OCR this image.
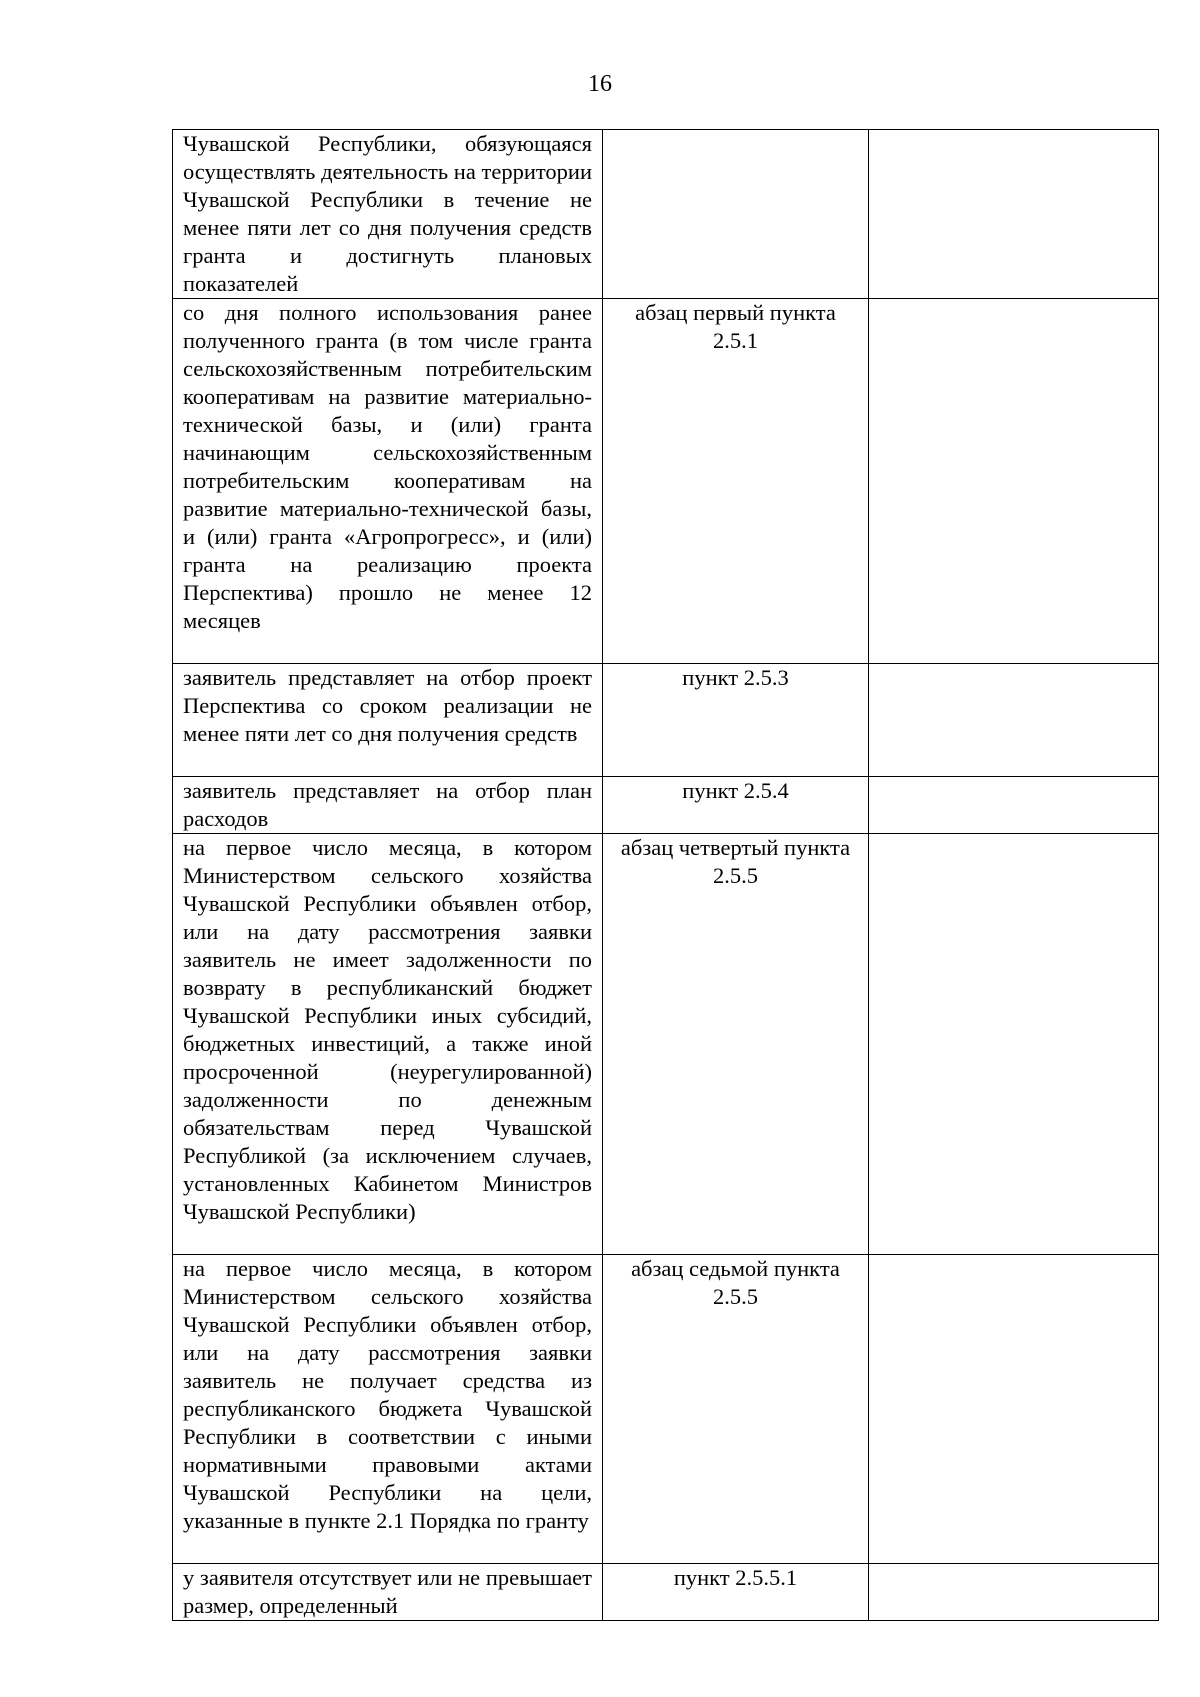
16
Чувашской Республики, обязующаяся осуществлять деятельность на территории Чувашской Республики в течение не менее пяти лет со дня получения средств гранта и достигнуть плановых показателей		
со дня полного использования ранее полученного гранта (в том числе гранта сельскохозяйственным потребительским кооперативам на развитие материально-технической базы, и (или) гранта начинающим сельскохозяйственным потребительским кооперативам на развитие материально-технической базы, и (или) гранта «Агропрогресс», и (или) гранта на реализацию проекта Перспектива) прошло не менее 12 месяцев	абзац первый пункта 2.5.1	
заявитель представляет на отбор проект Перспектива со сроком реализации не менее пяти лет со дня получения средств	пункт 2.5.3	
заявитель представляет на отбор план расходов	пункт 2.5.4	
на первое число месяца, в котором Министерством сельского хозяйства Чувашской Республики объявлен отбор, или на дату рассмотрения заявки заявитель не имеет задолженности по возврату в республиканский бюджет Чувашской Республики иных субсидий, бюджетных инвестиций, а также иной просроченной (неурегулированной) задолженности по денежным обязательствам перед Чувашской Республикой (за исключением случаев, установленных Кабинетом Министров Чувашской Республики)	абзац четвертый пункта 2.5.5	
на первое число месяца, в котором Министерством сельского хозяйства Чувашской Республики объявлен отбор, или на дату рассмотрения заявки заявитель не получает средства из республиканского бюджета Чувашской Республики в соответствии с иными нормативными правовыми актами Чувашской Республики на цели, указанные в пункте 2.1 Порядка по гранту	абзац седьмой пункта 2.5.5	
у заявителя отсутствует или не превышает размер, определенный	пункт 2.5.5.1	
